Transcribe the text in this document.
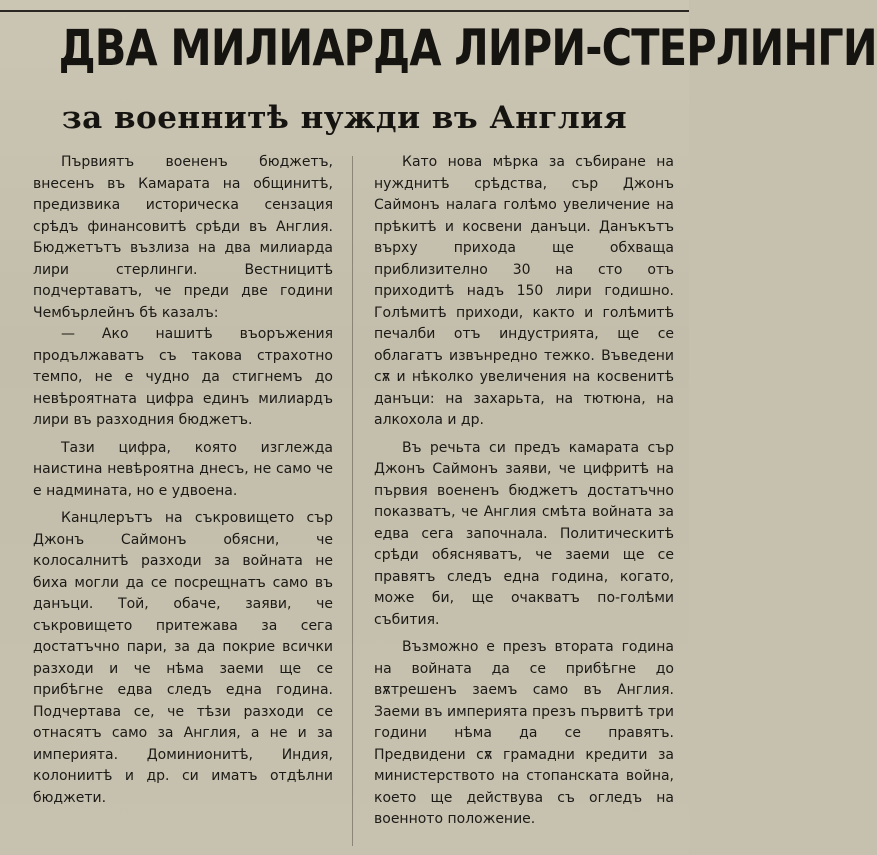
ДВА МИЛИАРДА ЛИРИ-СТЕРЛИНГИ
за военнитѣ нужди въ Англия

Първиятъ воененъ бюджетъ, внесенъ въ Камарата на общинитѣ, предизвика историческа сензация срѣдъ финансовитѣ срѣди въ Англия. Бюджетътъ възлиза на два милиарда лири стерлинги. Вестницитѣ подчертаватъ, че преди две години Чембърлейнъ бѣ казалъ:

— Ако нашитѣ въоръжения продължаватъ съ такова страхотно темпо, не е чудно да стигнемъ до невѣроятната цифра единъ милиардъ лири въ разходния бюджетъ.

Тази цифра, която изглежда наистина невѣроятна днесъ, не само че е надмината, но е удвоена.

Канцлерътъ на съкровището сър Джонъ Саймонъ обясни, че колосалнитѣ разходи за войната не биха могли да се посрещнатъ само въ данъци. Той, обаче, заяви, че съкровището притежава за сега достатъчно пари, за да покрие всички разходи и че нѣма заеми ще се прибѣгне едва следъ една година. Подчертава се, че тѣзи разходи се отнасятъ само за Англия, а не и за империята. Доминионитѣ, Индия, колониитѣ и др. си иматъ отдѣлни бюджети.

Като нова мѣрка за събиране на нужднитѣ срѣдства, сър Джонъ Саймонъ налага голѣмо увеличение на прѣкитѣ и косвени данъци. Данъкътъ върху прихода ще обхваща приблизително 30 на сто отъ приходитѣ надъ 150 лири годишно. Голѣмитѣ приходи, както и голѣмитѣ печалби отъ индустрията, ще се облагатъ извънредно тежко. Въведени сѫ и нѣколко увеличения на косвенитѣ данъци: на захарьта, на тютюна, на алкохола и др.

Въ речьта си предъ камарата сър Джонъ Саймонъ заяви, че цифритѣ на първия воененъ бюджетъ достатъчно показватъ, че Англия смѣта войната за едва сега започнала. Политическитѣ срѣди обясняватъ, че заеми ще се правятъ следъ една година, когато, може би, ще очакватъ по-голѣми събития.

Възможно е презъ втората година на войната да се прибѣгне до вѫтрешенъ заемъ само въ Англия. Заеми въ империята презъ първитѣ три години нѣма да се правятъ. Предвидени сѫ грамадни кредити за министерството на стопанската война, което ще действува съ огледъ на военното положение.
